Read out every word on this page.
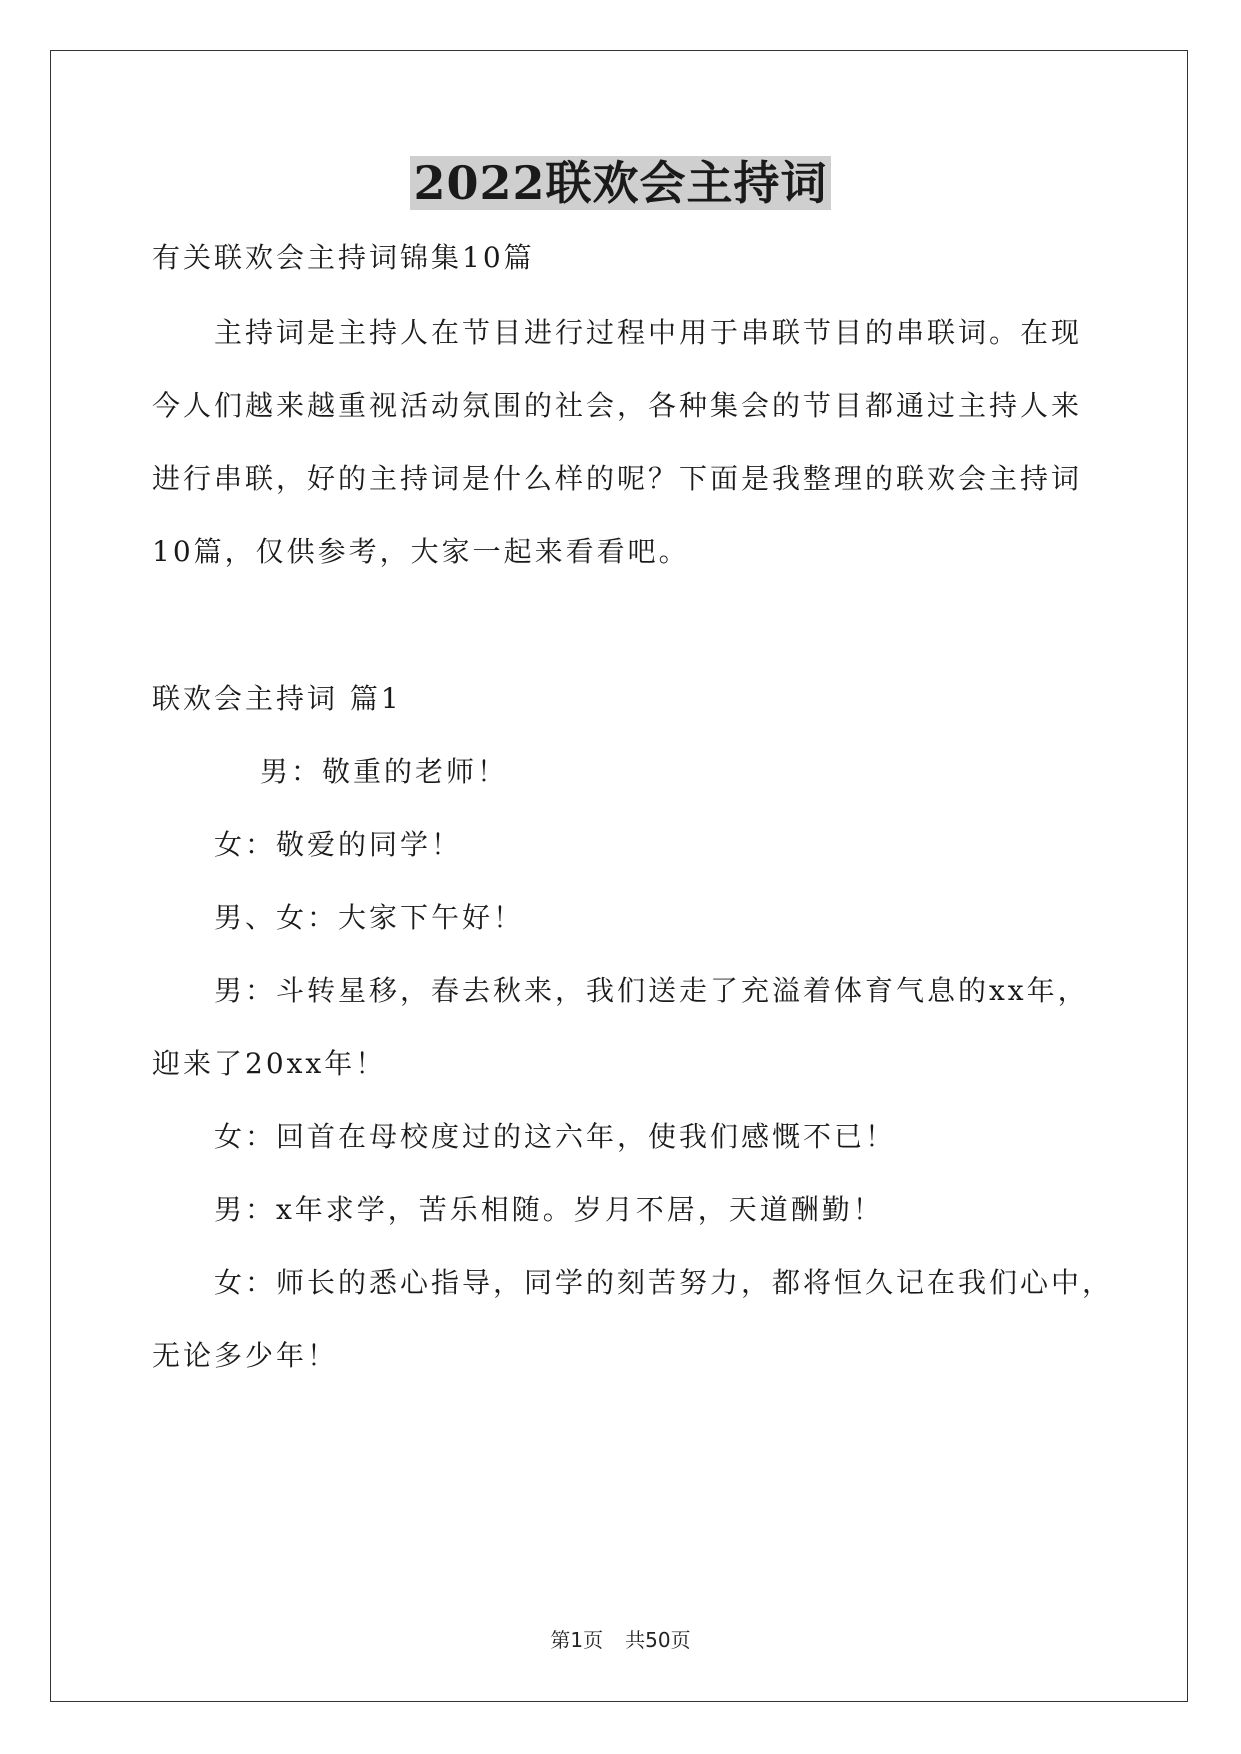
2022联欢会主持词
有关联欢会主持词锦集10篇
主持词是主持人在节目进行过程中用于串联节目的串联词。在现
今人们越来越重视活动氛围的社会，各种集会的节目都通过主持人来
进行串联，好的主持词是什么样的呢？下面是我整理的联欢会主持词
10篇，仅供参考，大家一起来看看吧。
联欢会主持词 篇1
男：敬重的老师！
女：敬爱的同学！
男、女：大家下午好！
男：斗转星移，春去秋来，我们送走了充溢着体育气息的xx年，
迎来了20xx年！
女：回首在母校度过的这六年，使我们感慨不已！
男：x年求学，苦乐相随。岁月不居，天道酬勤！
女：师长的悉心指导，同学的刻苦努力，都将恒久记在我们心中，
无论多少年！
第1页 共50页
